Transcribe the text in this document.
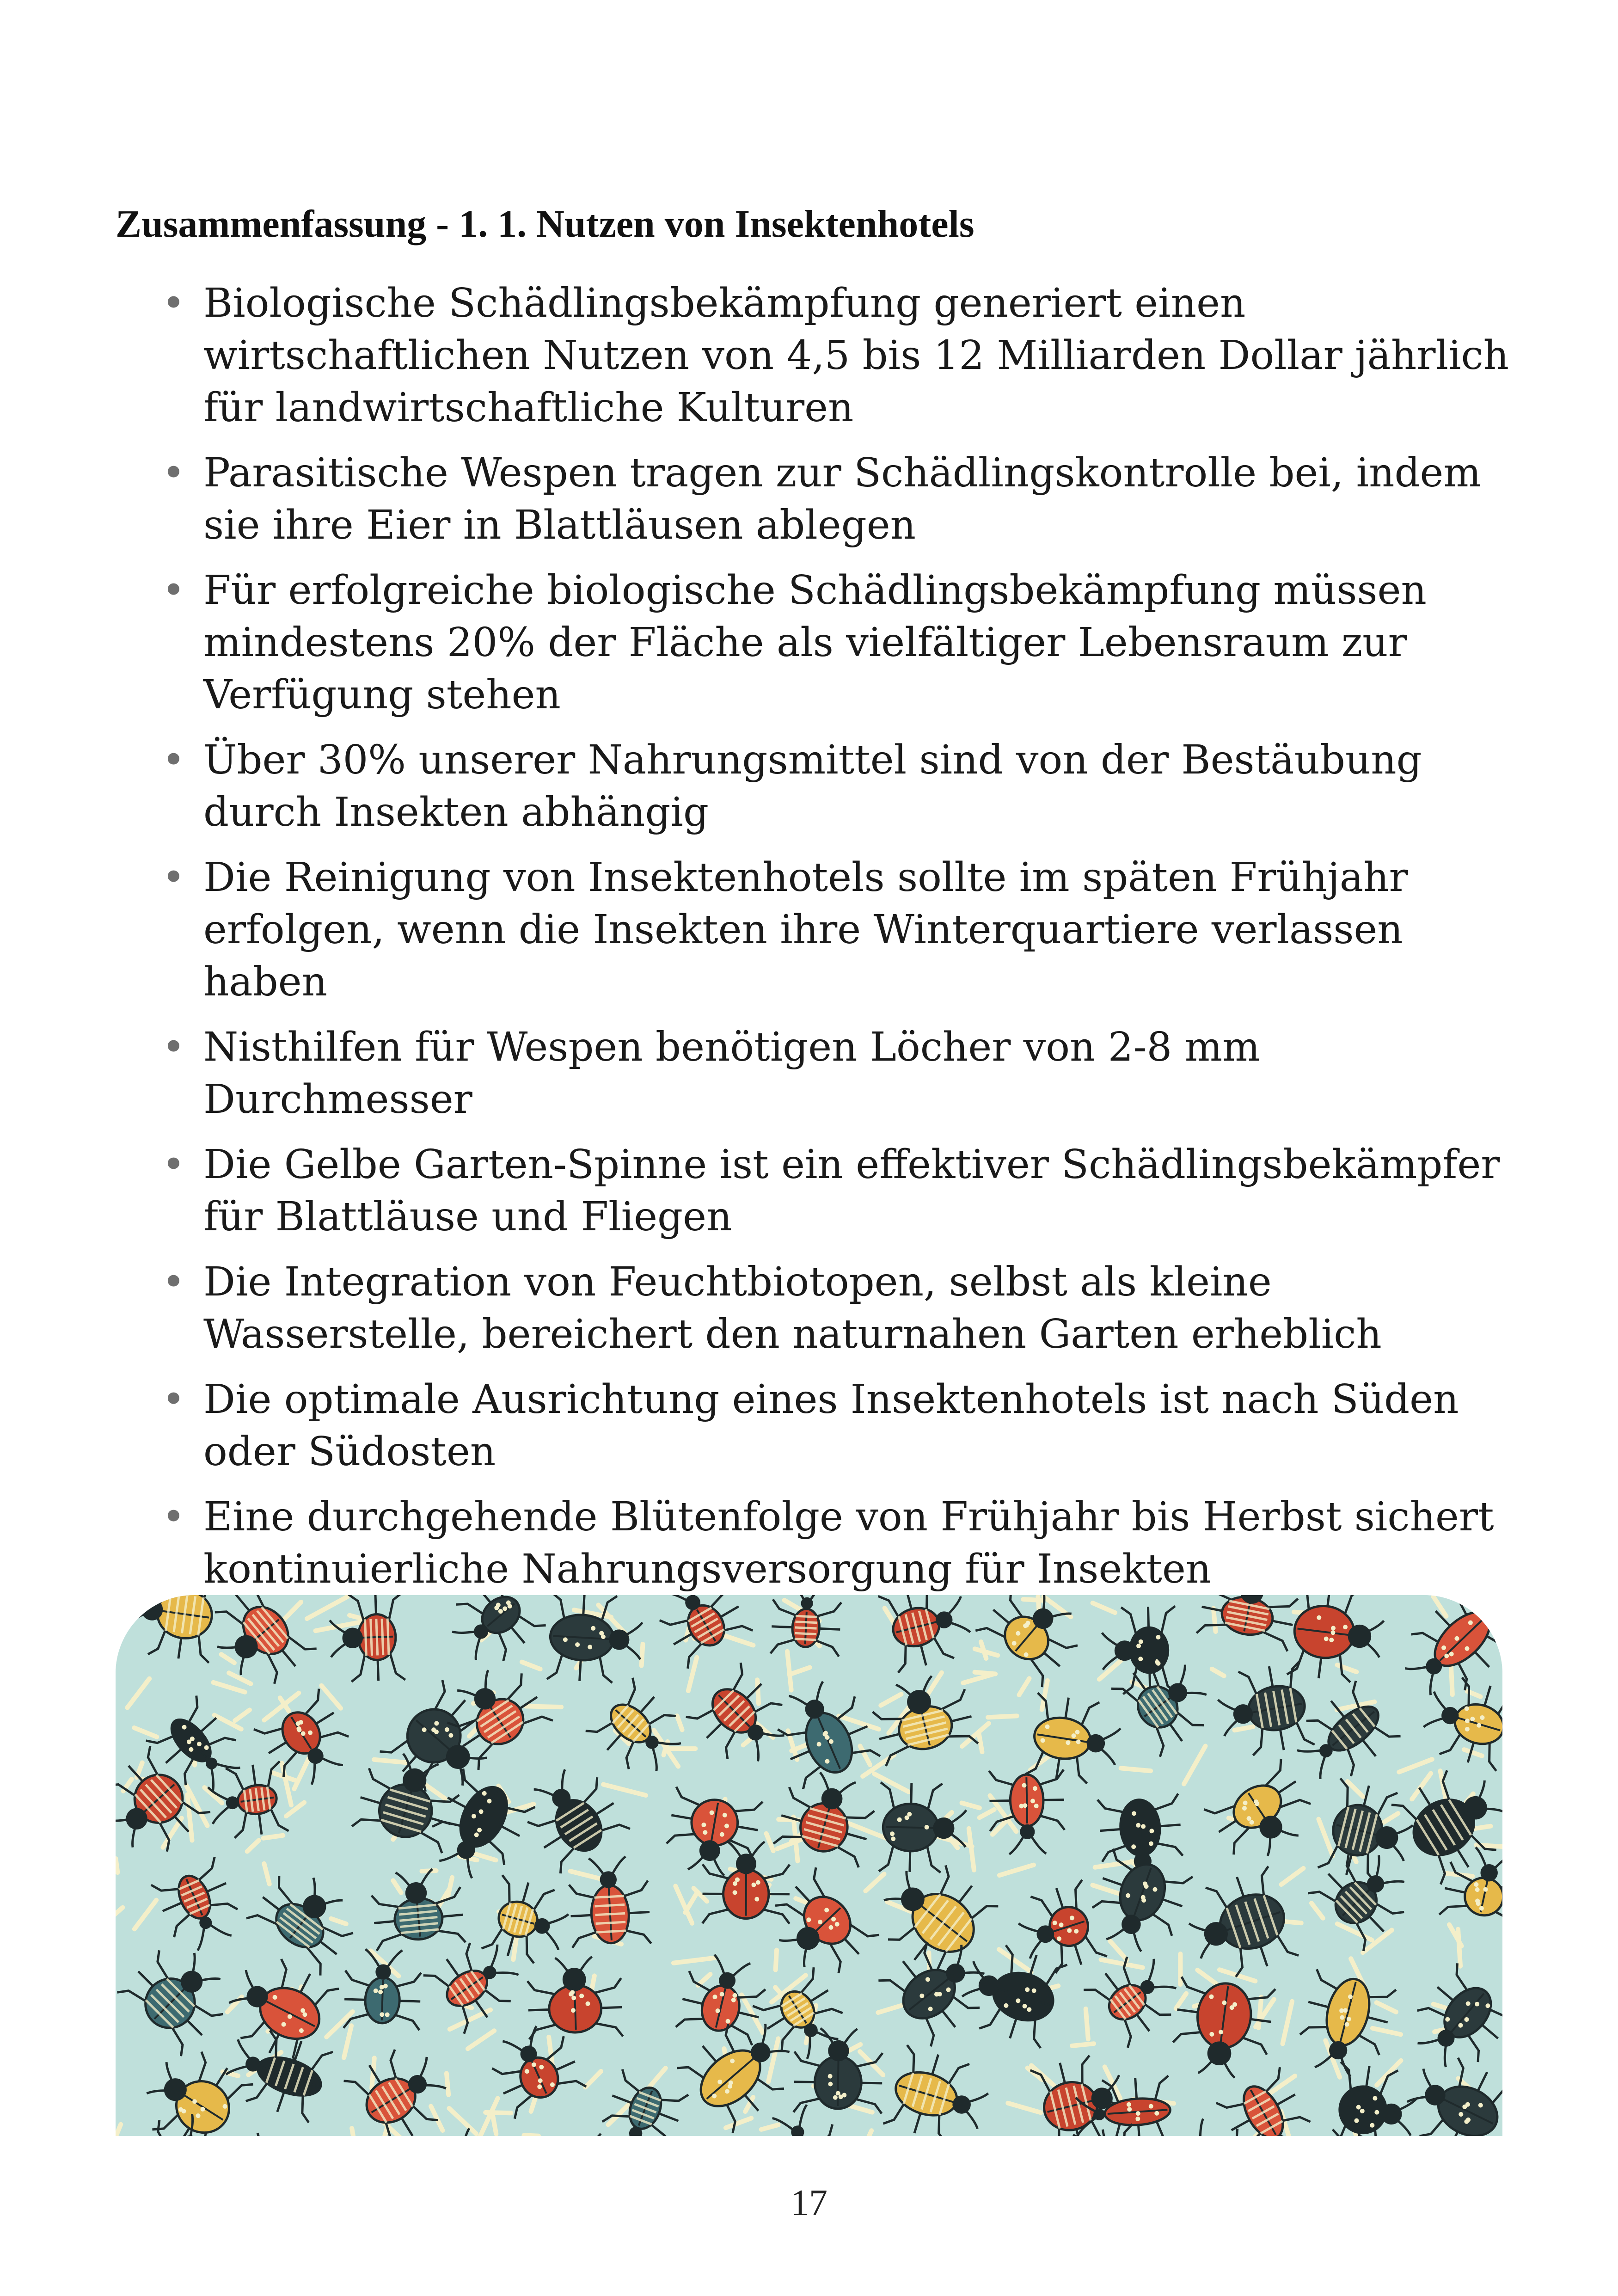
Zusammenfassung - 1. 1. Nutzen von Insektenhotels
• Biologische Schädlingsbekämpfung generiert einen wirtschaftlichen Nutzen von 4,5 bis 12 Milliarden Dollar jährlich für landwirtschaftliche Kulturen
• Parasitische Wespen tragen zur Schädlingskontrolle bei, indem sie ihre Eier in Blattläusen ablegen
• Für erfolgreiche biologische Schädlingsbekämpfung müssen mindestens 20% der Fläche als vielfältiger Lebensraum zur Verfügung stehen
• Über 30% unserer Nahrungsmittel sind von der Bestäubung durch Insekten abhängig
• Die Reinigung von Insektenhotels sollte im späten Frühjahr erfolgen, wenn die Insekten ihre Winterquartiere verlassen haben
• Nisthilfen für Wespen benötigen Löcher von 2-8 mm Durchmesser
• Die Gelbe Garten-Spinne ist ein effektiver Schädlingsbekämpfer für Blattläuse und Fliegen
• Die Integration von Feuchtbiotopen, selbst als kleine Wasserstelle, bereichert den naturnahen Garten erheblich
• Die optimale Ausrichtung eines Insektenhotels ist nach Süden oder Südosten
• Eine durchgehende Blütenfolge von Frühjahr bis Herbst sichert kontinuierliche Nahrungsversorgung für Insekten
17
